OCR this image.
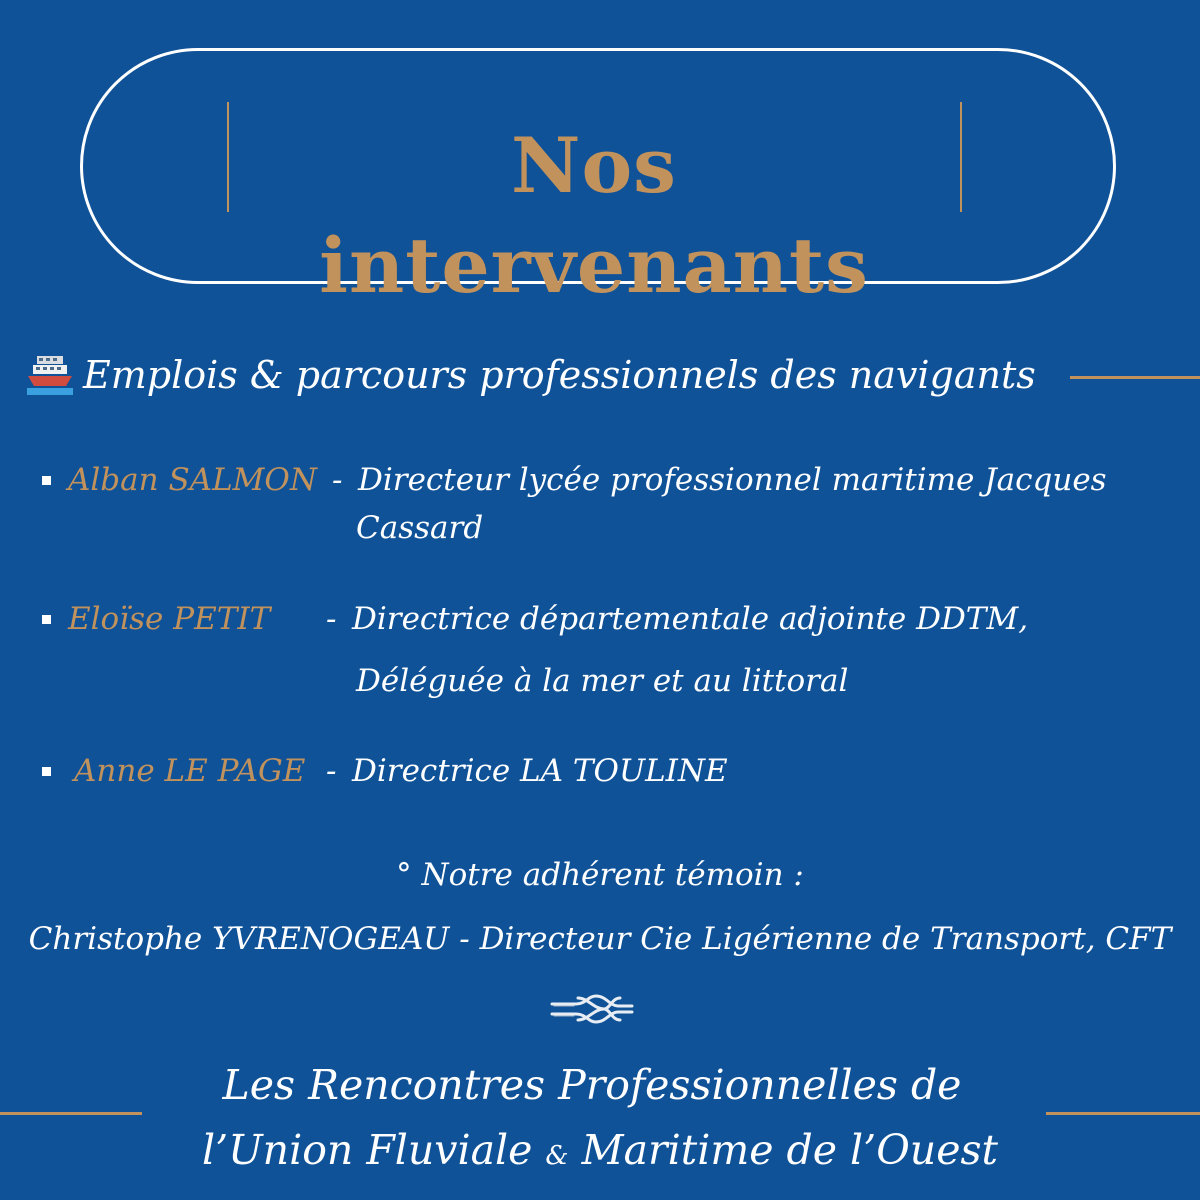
Nos intervenants
Emplois & parcours professionnels des navigants
Alban SALMON - Directeur lycée professionnel maritime Jacques
Cassard
Eloïse PETIT - Directrice départementale adjointe DDTM,
Déléguée à la mer et au littoral
Anne LE PAGE - Directrice LA TOULINE
° Notre adhérent témoin :
Christophe YVRENOGEAU - Directeur Cie Ligérienne de Transport, CFT
Les Rencontres Professionnelles de
l’Union Fluviale & Maritime de l’Ouest
